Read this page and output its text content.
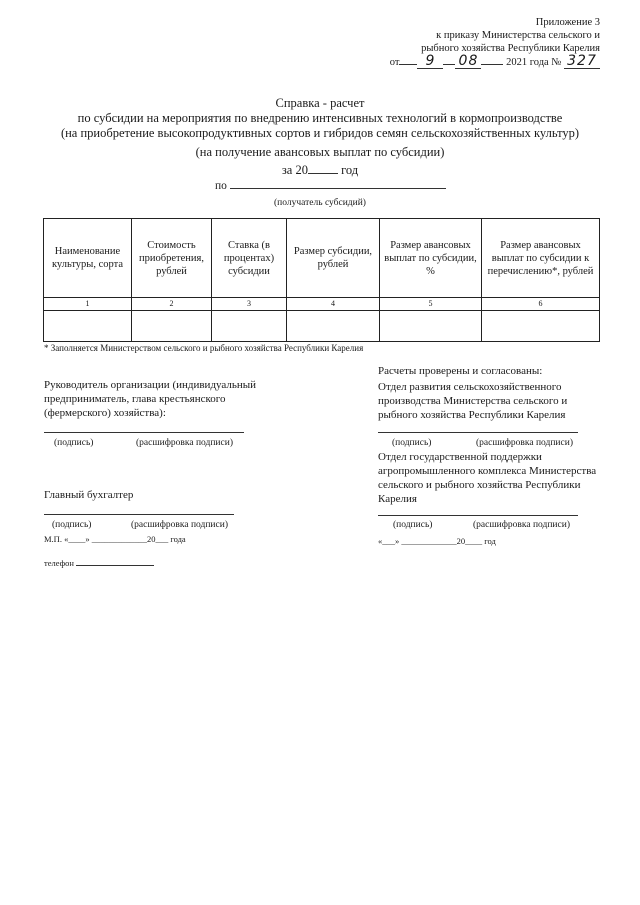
Приложение 3
к приказу Министерства сельского и
рыбного хозяйства Республики Карелия
от 9 08	2021 года № 327
Справка - расчет
по субсидии на мероприятия по внедрению интенсивных технологий в кормопроизводстве
(на приобретение высокопродуктивных сортов и гибридов семян сельскохозяйственных культур)
(на получение авансовых выплат по субсидии)
за 20	год
по
(получатель субсидий)
Наименование культуры, сорта	Стоимость приобретения, рублей	Ставка (в процентах) субсидии	Размер субсидии, рублей	Размер авансовых выплат по субсидии, %	Размер авансовых выплат по субсидии к перечислению*, рублей
1	2	3	4	5	6

* Заполняется Министерством сельского и рыбного хозяйства Республики Карелия
Руководитель организации (индивидуальный предприниматель, глава крестьянского (фермерского) хозяйства):
(подпись)	(расшифровка подписи)
Главный бухгалтер
(подпись)	(расшифровка подписи)
М.П. «____» _____________20___ года
телефон
Расчеты проверены и согласованы:
Отдел развития сельскохозяйственного производства Министерства сельского и рыбного хозяйства Республики Карелия
(подпись)	(расшифровка подписи)
Отдел государственной поддержки агропромышленного комплекса Министерства сельского и рыбного хозяйства Республики Карелия
(подпись)	(расшифровка подписи)
«___» _____________20____ год
